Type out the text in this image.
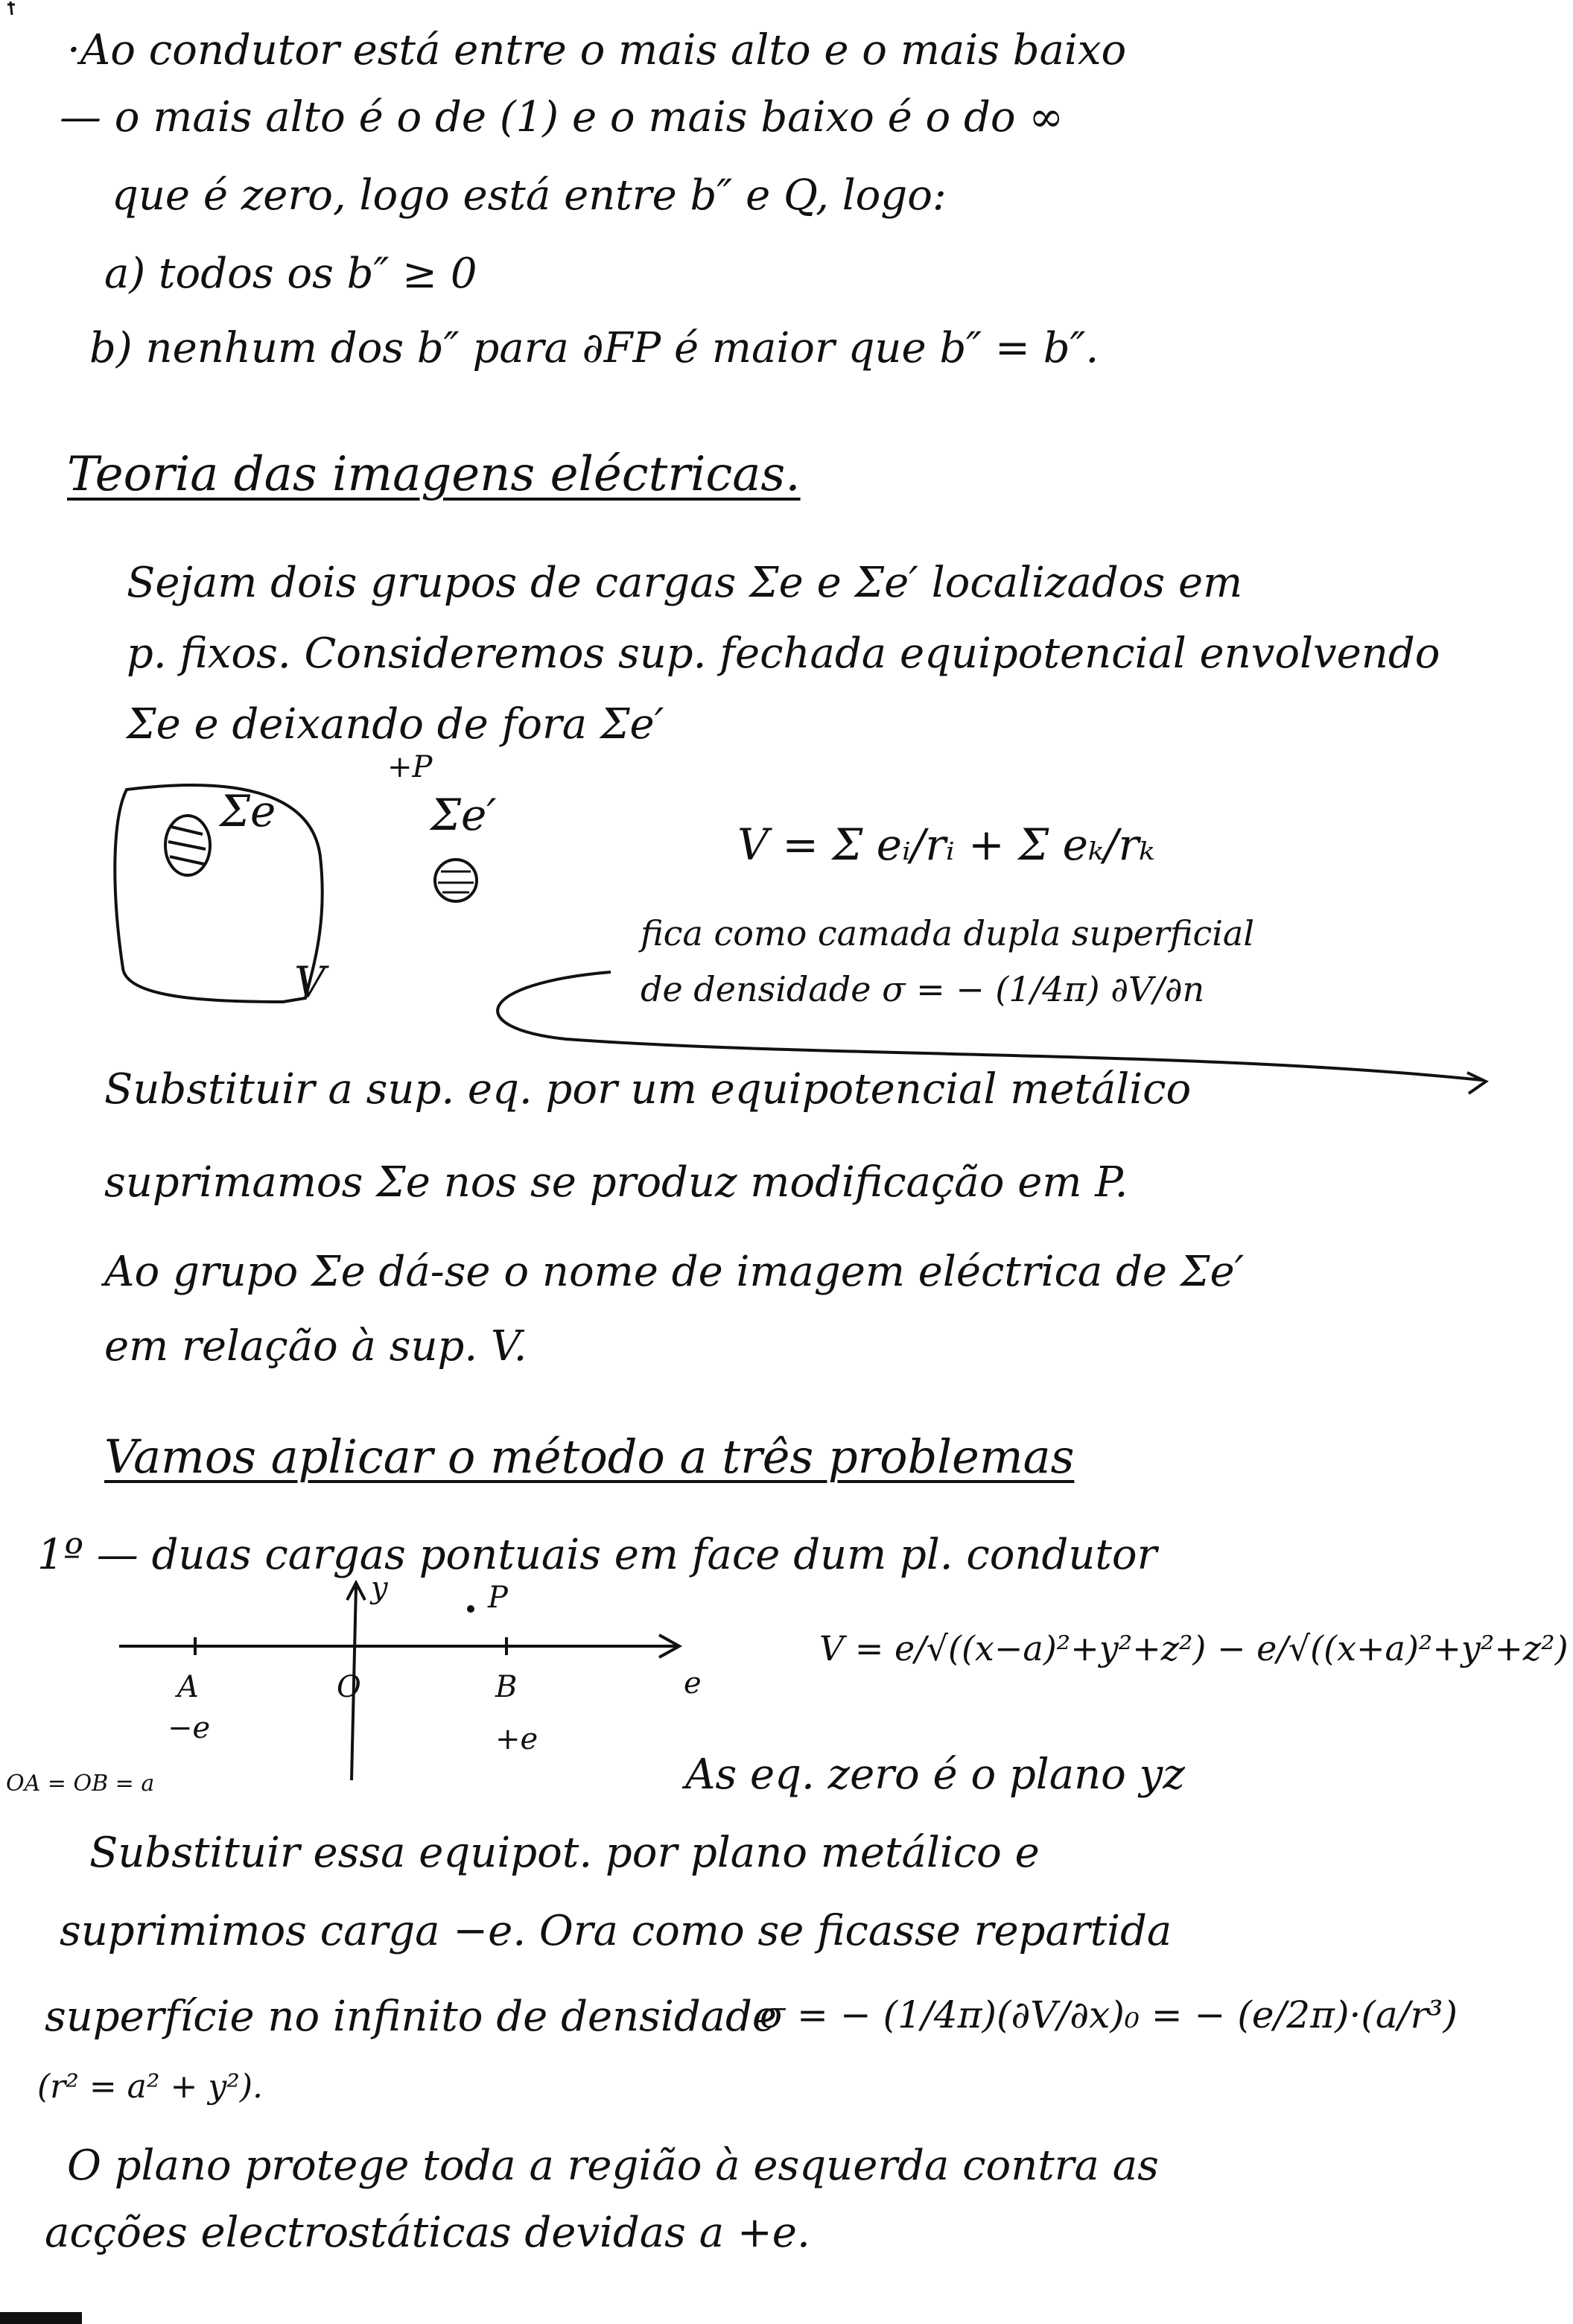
·Ao condutor está entre o mais alto e o mais baixo
— o mais alto é o de (1) e o mais baixo é o do ∞
que é zero, logo está entre b″ e Q, logo:
a) todos os b″ ≥ 0
b) nenhum dos b″ para ∂FP é maior que b″ = b″.
Teoria das imagens eléctricas.
Sejam dois grupos de cargas Σe e Σe′ localizados em
p. fixos. Consideremos sup. fechada equipotencial envolvendo
Σe e deixando de fora Σe′
Σe
+P
Σe′
V
V = Σ eᵢ/rᵢ + Σ eₖ/rₖ
fica como camada dupla superficial
de densidade σ = − (1/4π) ∂V/∂n
Substituir a sup. eq. por um equipotencial metálico
suprimamos Σe nos se produz modificação em P.
Ao grupo Σe dá-se o nome de imagem eléctrica de Σe′
em relação à sup. V.
Vamos aplicar o método a três problemas
1º — duas cargas pontuais em face dum pl. condutor
y	P
e
A	O	B
−e	+e
OA = OB = a
V = e/√((x−a)²+y²+z²) − e/√((x+a)²+y²+z²)
As eq. zero é o plano yz
Substituir essa equipot. por plano metálico e
suprimimos carga −e. Ora como se ficasse repartida
superfície no infinito de densidade
σ = − (1/4π)(∂V/∂x)₀ = − (e/2π)·(a/r³)
(r² = a² + y²).
O plano protege toda a região à esquerda contra as
acções electrostáticas devidas a +e.
